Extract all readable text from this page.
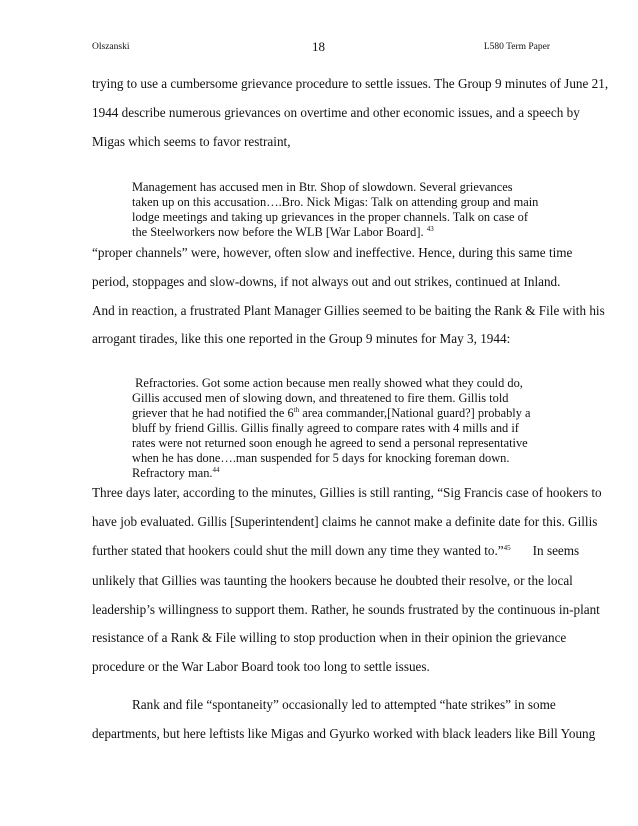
Olszanski	18	L580 Term Paper
trying to use a cumbersome grievance procedure to settle issues. The Group 9 minutes of June 21,
1944 describe numerous grievances on overtime and other economic issues, and a speech by
Migas which seems to favor restraint,
Management has accused men in Btr. Shop of slowdown. Several grievances
taken up on this accusation….Bro. Nick Migas: Talk on attending group and main
lodge meetings and taking up grievances in the proper channels. Talk on case of
the Steelworkers now before the WLB [War Labor Board]. $^{43}$
“proper channels” were, however, often slow and ineffective. Hence, during this same time
period, stoppages and slow-downs, if not always out and out strikes, continued at Inland.
And in reaction, a frustrated Plant Manager Gillies seemed to be baiting the Rank & File with his
arrogant tirades, like this one reported in the Group 9 minutes for May 3, 1944:
Refractories. Got some action because men really showed what they could do,
Gillis accused men of slowing down, and threatened to fire them. Gillis told
griever that he had notified the 6th area commander,[National guard?] probably a
bluff by friend Gillis. Gillis finally agreed to compare rates with 4 mills and if
rates were not returned soon enough he agreed to send a personal representative
when he has done….man suspended for 5 days for knocking foreman down.
Refractory man.$^{44}$
Three days later, according to the minutes, Gillies is still ranting, “Sig Francis case of hookers to
have job evaluated. Gillis [Superintendent] claims he cannot make a definite date for this. Gillis
further stated that hookers could shut the mill down any time they wanted to.”$^{45}$ In seems
unlikely that Gillies was taunting the hookers because he doubted their resolve, or the local
leadership’s willingness to support them. Rather, he sounds frustrated by the continuous in-plant
resistance of a Rank & File willing to stop production when in their opinion the grievance
procedure or the War Labor Board took too long to settle issues.
Rank and file “spontaneity” occasionally led to attempted “hate strikes” in some
departments, but here leftists like Migas and Gyurko worked with black leaders like Bill Young
